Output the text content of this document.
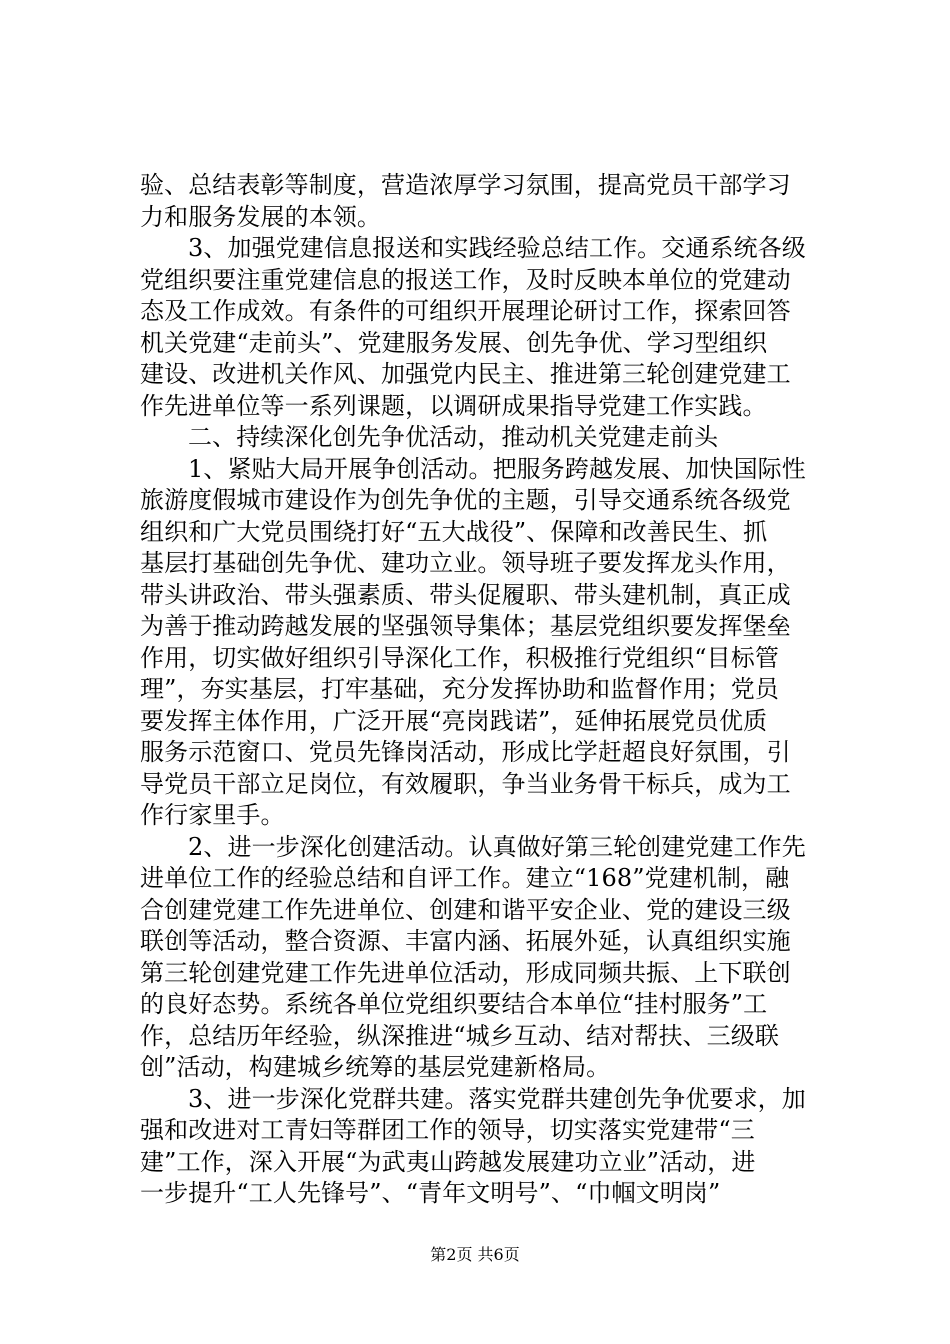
验、总结表彰等制度，营造浓厚学习氛围，提高党员干部学习
力和服务发展的本领。
3、加强党建信息报送和实践经验总结工作。交通系统各级
党组织要注重党建信息的报送工作，及时反映本单位的党建动
态及工作成效。有条件的可组织开展理论研讨工作，探索回答
机关党建“走前头”、党建服务发展、创先争优、学习型组织
建设、改进机关作风、加强党内民主、推进第三轮创建党建工
作先进单位等一系列课题，以调研成果指导党建工作实践。
二、持续深化创先争优活动，推动机关党建走前头
1、紧贴大局开展争创活动。把服务跨越发展、加快国际性
旅游度假城市建设作为创先争优的主题，引导交通系统各级党
组织和广大党员围绕打好“五大战役”、保障和改善民生、抓
基层打基础创先争优、建功立业。领导班子要发挥龙头作用，
带头讲政治、带头强素质、带头促履职、带头建机制，真正成
为善于推动跨越发展的坚强领导集体；基层党组织要发挥堡垒
作用，切实做好组织引导深化工作，积极推行党组织“目标管
理”，夯实基层，打牢基础，充分发挥协助和监督作用；党员
要发挥主体作用，广泛开展“亮岗践诺”，延伸拓展党员优质
服务示范窗口、党员先锋岗活动，形成比学赶超良好氛围，引
导党员干部立足岗位，有效履职，争当业务骨干标兵，成为工
作行家里手。
2、进一步深化创建活动。认真做好第三轮创建党建工作先
进单位工作的经验总结和自评工作。建立“168”党建机制，融
合创建党建工作先进单位、创建和谐平安企业、党的建设三级
联创等活动，整合资源、丰富内涵、拓展外延，认真组织实施
第三轮创建党建工作先进单位活动，形成同频共振、上下联创
的良好态势。系统各单位党组织要结合本单位“挂村服务”工
作，总结历年经验，纵深推进“城乡互动、结对帮扶、三级联
创”活动，构建城乡统筹的基层党建新格局。
3、进一步深化党群共建。落实党群共建创先争优要求，加
强和改进对工青妇等群团工作的领导，切实落实党建带“三
建”工作，深入开展“为武夷山跨越发展建功立业”活动，进
一步提升“工人先锋号”、“青年文明号”、“巾帼文明岗”
第2页 共6页
